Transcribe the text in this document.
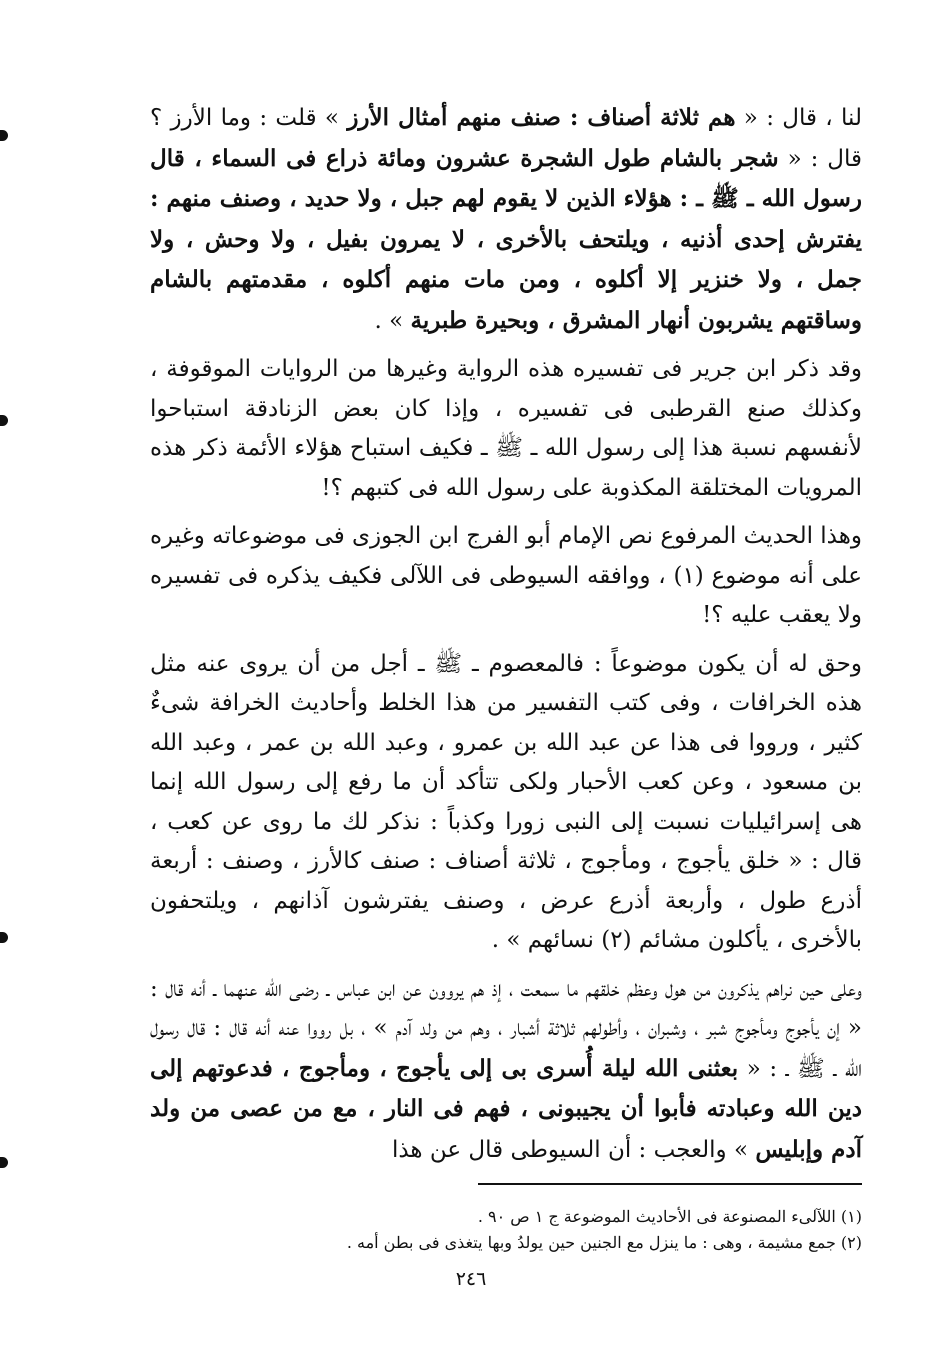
لنا ، قال : « هم ثلاثة أصناف : صنف منهم أمثال الأرز » قلت : وما الأرز ؟ قال : « شجر بالشام طول الشجرة عشرون ومائة ذراع فى السماء ، قال رسول الله ـ ﷺ ـ : هؤلاء الذين لا يقوم لهم جبل ، ولا حديد ، وصنف منهم : يفترش إحدى أذنيه ، ويلتحف بالأخرى ، لا يمرون بفيل ، ولا وحش ، ولا جمل ، ولا خنزير إلا أكلوه ، ومن مات منهم أكلوه ، مقدمتهم بالشام وساقتهم يشربون أنهار المشرق ، وبحيرة طبرية » .

وقد ذكر ابن جرير فى تفسيره هذه الرواية وغيرها من الروايات الموقوفة ، وكذلك صنع القرطبى فى تفسيره ، وإذا كان بعض الزنادقة استباحوا لأنفسهم نسبة هذا إلى رسول الله ـ ﷺ ـ فكيف استباح هؤلاء الأئمة ذكر هذه المرويات المختلقة المكذوبة على رسول الله فى كتبهم ؟!

وهذا الحديث المرفوع نص الإمام أبو الفرج ابن الجوزى فى موضوعاته وغيره على أنه موضوع (١) ، ووافقه السيوطى فى اللآلى فكيف يذكره فى تفسيره ولا يعقب عليه ؟!

وحق له أن يكون موضوعاً : فالمعصوم ـ ﷺ ـ أجل من أن يروى عنه مثل هذه الخرافات ، وفى كتب التفسير من هذا الخلط وأحاديث الخرافة شىءٌ كثير ، ورووا فى هذا عن عبد الله بن عمرو ، وعبد الله بن عمر ، وعبد الله بن مسعود ، وعن كعب الأحبار ولكى تتأكد أن ما رفع إلى رسول الله إنما هى إسرائيليات نسبت إلى النبى زورا وكذباً : نذكر لك ما روى عن كعب ، قال : « خلق يأجوج ، ومأجوج ، ثلاثة أصناف : صنف كالأرز ، وصنف : أربعة أذرع طول ، وأربعة أذرع عرض ، وصنف يفترشون آذانهم ، ويلتحفون بالأخرى ، يأكلون مشائم (٢) نسائهم » .

وعلى حين نراهم يذكرون من هول وعظم خلقهم ما سمعت ، إذ هم يروون عن ابن عباس ـ رضى الله عنهما ـ أنه قال : « إن يأجوج ومأجوج شبر ، وشبران ، وأطولهم ثلاثة أشبار ، وهم من ولد آدم » ، بل رووا عنه أنه قال : قال رسول الله ـ ﷺ ـ : « بعثنى الله ليلة أُسرى بى إلى يأجوج ، ومأجوج ، فدعوتهم إلى دين الله وعبادته فأبوا أن يجيبونى ، فهم فى النار ، مع من عصى من ولد آدم وإبليس » والعجب : أن السيوطى قال عن هذا

(١) اللآلىء المصنوعة فى الأحاديث الموضوعة ج ١ ص ٩٠ .
(٢) جمع مشيمة ، وهى : ما ينزل مع الجنين حين يولدُ وبها يتغذى فى بطن أمه .
٢٤٦
